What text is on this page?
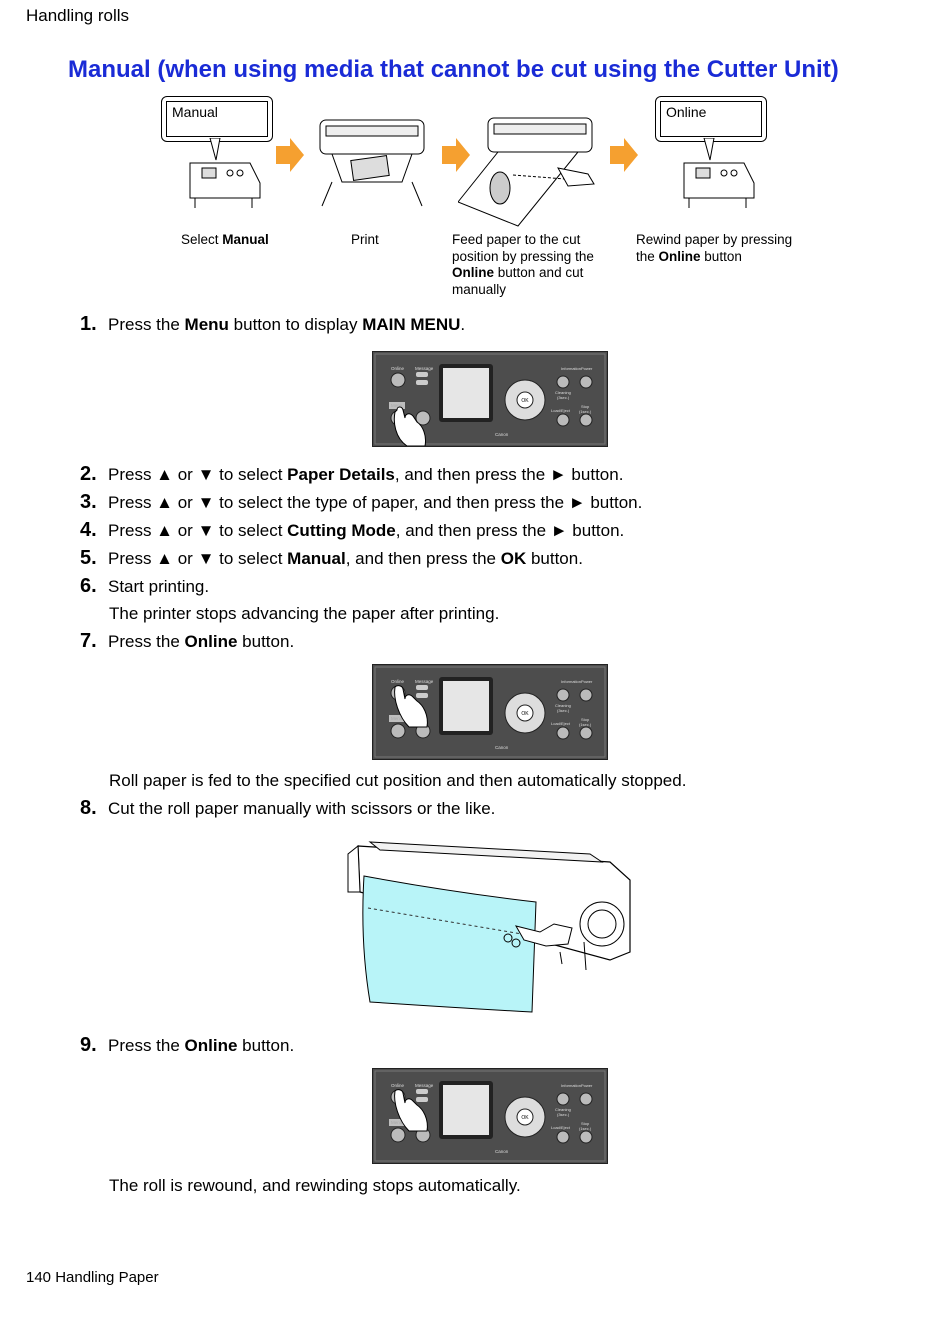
Handling rolls
Manual (when using media that cannot be cut using the Cutter Unit)
Manual	Online
Select Manual	Print	Feed paper to the cut position by pressing the Online button and cut manually
Rewind paper by pressing the Online button
1. Press the Menu button to display MAIN MENU.
Online Message
OK
Information Power
Cleaning
(3sec.)
Load/Eject
Stop
(1sec.)
Canon
2. Press ▲ or ▼ to select Paper Details, and then press the ► button.
3. Press ▲ or ▼ to select the type of paper, and then press the ► button.
4. Press ▲ or ▼ to select Cutting Mode, and then press the ► button.
5. Press ▲ or ▼ to select Manual, and then press the OK button.
6. Start printing.
The printer stops advancing the paper after printing.
7. Press the Online button.
Online Message
OK
Information Power
Cleaning
(3sec.)
Load/Eject
Stop
(1sec.)
Canon
Roll paper is fed to the specified cut position and then automatically stopped.
8. Cut the roll paper manually with scissors or the like.
9. Press the Online button.
Online Message
OK
Information Power
Cleaning
(3sec.)
Load/Eject
Stop
(1sec.)
Canon
The roll is rewound, and rewinding stops automatically.
140 Handling Paper
